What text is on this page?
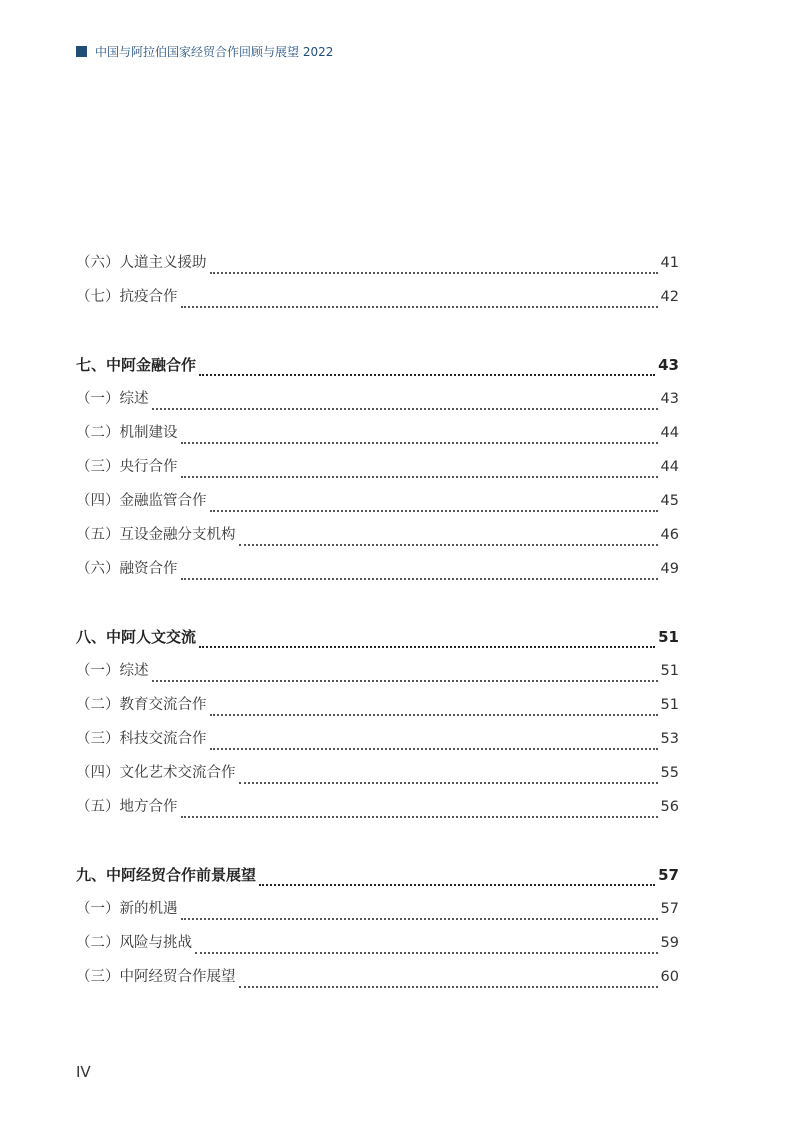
中国与阿拉伯国家经贸合作回顾与展望 2022
（六）人道主义援助	41
（七）抗疫合作	42
七、中阿金融合作	43
（一）综述	43
（二）机制建设	44
（三）央行合作	44
（四）金融监管合作	45
（五）互设金融分支机构	46
（六）融资合作	49
八、中阿人文交流	51
（一）综述	51
（二）教育交流合作	51
（三）科技交流合作	53
（四）文化艺术交流合作	55
（五）地方合作	56
九、中阿经贸合作前景展望	57
（一）新的机遇	57
（二）风险与挑战	59
（三）中阿经贸合作展望	60
IV
